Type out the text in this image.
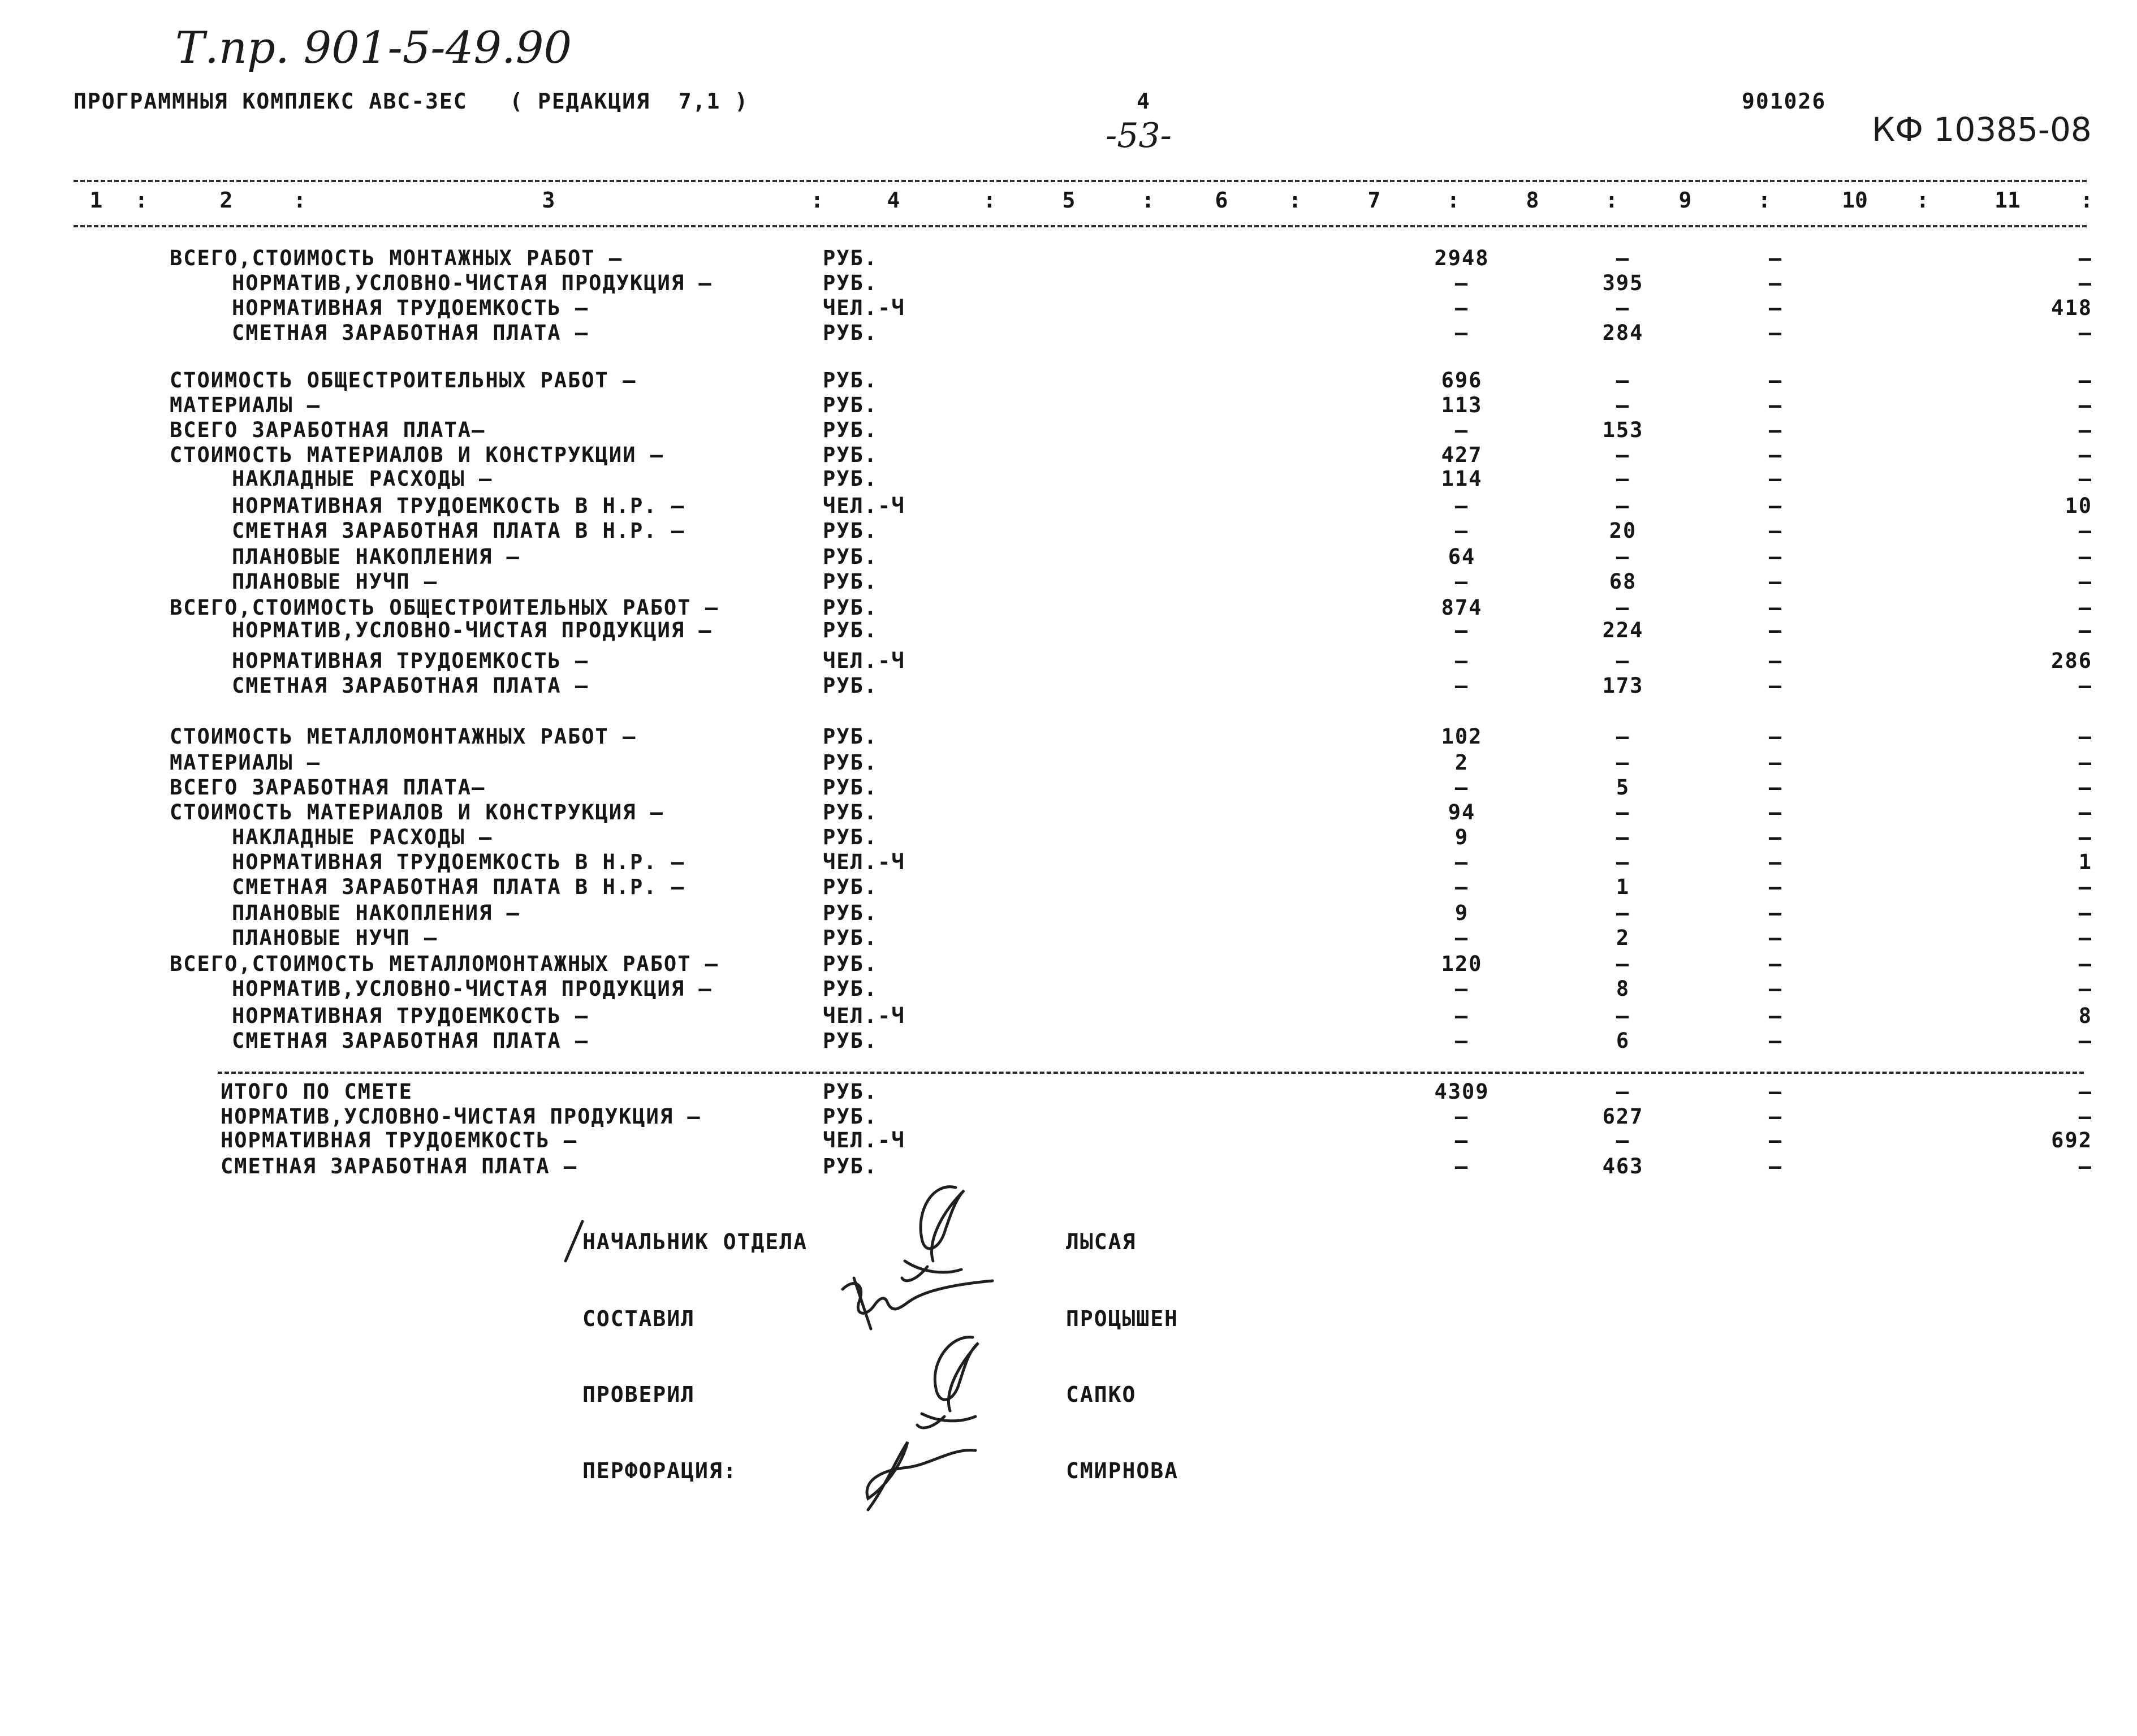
Т.пр. 901-5-49.90
ПРОГРАММНЫЯ КОМПЛЕКС АВС-3ЕС   ( РЕДАКЦИЯ  7,1 )	4
-53-
901026
КФ 10385-08
1	2	3	4	5	6	7	8	9	10	11
:	:	:	:	:	:	:	:	:	:	:
ВСЕГО,СТОИМОСТЬ МОНТАЖНЫХ РАБОТ –	РУБ.	2948	–	–	–
НОРМАТИВ,УСЛОВНО-ЧИСТАЯ ПРОДУКЦИЯ –	РУБ.	–	395	–	–
НОРМАТИВНАЯ ТРУДОЕМКОСТЬ –	ЧЕЛ.-Ч	–	–	–	418
СМЕТНАЯ ЗАРАБОТНАЯ ПЛАТА –	РУБ.	–	284	–	–
СТОИМОСТЬ ОБЩЕСТРОИТЕЛЬНЫХ РАБОТ –	РУБ.	696	–	–	–
МАТЕРИАЛЫ –	РУБ.	113	–	–	–
ВСЕГО ЗАРАБОТНАЯ ПЛАТА–	РУБ.	–	153	–	–
СТОИМОСТЬ МАТЕРИАЛОВ И КОНСТРУКЦИИ –	РУБ.	427	–	–	–
НАКЛАДНЫЕ РАСХОДЫ –	РУБ.	114	–	–	–
НОРМАТИВНАЯ ТРУДОЕМКОСТЬ В Н.Р. –	ЧЕЛ.-Ч	–	–	–	10
СМЕТНАЯ ЗАРАБОТНАЯ ПЛАТА В Н.Р. –	РУБ.	–	20	–	–
ПЛАНОВЫЕ НАКОПЛЕНИЯ –	РУБ.	64	–	–	–
ПЛАНОВЫЕ НУЧП –	РУБ.	–	68	–	–
ВСЕГО,СТОИМОСТЬ ОБЩЕСТРОИТЕЛЬНЫХ РАБОТ –	РУБ.	874	–	–	–
НОРМАТИВ,УСЛОВНО-ЧИСТАЯ ПРОДУКЦИЯ –	РУБ.	–	224	–	–
НОРМАТИВНАЯ ТРУДОЕМКОСТЬ –	ЧЕЛ.-Ч	–	–	–	286
СМЕТНАЯ ЗАРАБОТНАЯ ПЛАТА –	РУБ.	–	173	–	–
СТОИМОСТЬ МЕТАЛЛОМОНТАЖНЫХ РАБОТ –	РУБ.	102	–	–	–
МАТЕРИАЛЫ –	РУБ.	2	–	–	–
ВСЕГО ЗАРАБОТНАЯ ПЛАТА–	РУБ.	–	5	–	–
СТОИМОСТЬ МАТЕРИАЛОВ И КОНСТРУКЦИЯ –	РУБ.	94	–	–	–
НАКЛАДНЫЕ РАСХОДЫ –	РУБ.	9	–	–	–
НОРМАТИВНАЯ ТРУДОЕМКОСТЬ В Н.Р. –	ЧЕЛ.-Ч	–	–	–	1
СМЕТНАЯ ЗАРАБОТНАЯ ПЛАТА В Н.Р. –	РУБ.	–	1	–	–
ПЛАНОВЫЕ НАКОПЛЕНИЯ –	РУБ.	9	–	–	–
ПЛАНОВЫЕ НУЧП –	РУБ.	–	2	–	–
ВСЕГО,СТОИМОСТЬ МЕТАЛЛОМОНТАЖНЫХ РАБОТ –	РУБ.	120	–	–	–
НОРМАТИВ,УСЛОВНО-ЧИСТАЯ ПРОДУКЦИЯ –	РУБ.	–	8	–	–
НОРМАТИВНАЯ ТРУДОЕМКОСТЬ –	ЧЕЛ.-Ч	–	–	–	8
СМЕТНАЯ ЗАРАБОТНАЯ ПЛАТА –	РУБ.	–	6	–	–
ИТОГО ПО СМЕТЕ	РУБ.	4309	–	–	–
НОРМАТИВ,УСЛОВНО-ЧИСТАЯ ПРОДУКЦИЯ –	РУБ.	–	627	–	–
НОРМАТИВНАЯ ТРУДОЕМКОСТЬ –	ЧЕЛ.-Ч	–	–	–	692
СМЕТНАЯ ЗАРАБОТНАЯ ПЛАТА –	РУБ.	–	463	–	–
НАЧАЛЬНИК ОТДЕЛА	ЛЫСАЯ
СОСТАВИЛ	ПРОЦЫШЕН
ПРОВЕРИЛ	САПКО
ПЕРФОРАЦИЯ:	СМИРНОВА
